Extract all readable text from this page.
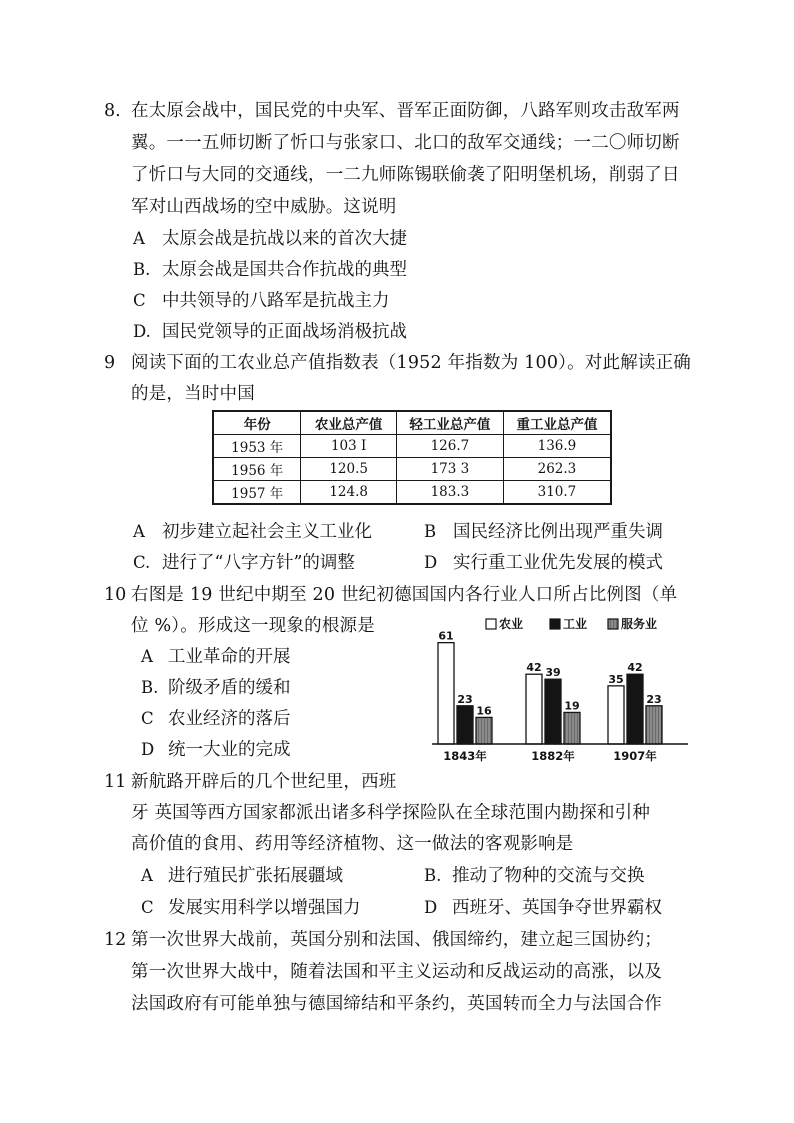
8. 在太原会战中，国民党的中央军、晋军正面防御，八路军则攻击敌军两
翼。一一五师切断了忻口与张家口、北口的敌军交通线；一二〇师切断
了忻口与大同的交通线，一二九师陈锡联偷袭了阳明堡机场，削弱了日
军对山西战场的空中威胁。这说明
A 太原会战是抗战以来的首次大捷
B. 太原会战是国共合作抗战的典型
C 中共领导的八路军是抗战主力
D. 国民党领导的正面战场消极抗战
9 阅读下面的工农业总产值指数表（1952 年指数为 100）。对此解读正确
的是，当时中国
年份	农业总产值	轻工业总产值	重工业总产值
1953 年	103 I	126.7	136.9
1956 年	120.5	173 3	262.3
1957 年	124.8	183.3	310.7
A 初步建立起社会主义工业化	B 国民经济比例出现严重失调
C. 进行了“八字方针”的调整	D 实行重工业优先发展的模式
10 右图是 19 世纪中期至 20 世纪初德国国内各行业人口所占比例图（单
位 %）。形成这一现象的根源是
A 工业革命的开展
B. 阶级矛盾的缓和
C 农业经济的落后
D 统一大业的完成
61
23
16
1843年
42 39
19
1882年
35
42
23
1907年
农业	工业	服务业
11 新航路开辟后的几个世纪里，西班
牙 英国等西方国家都派出诸多科学探险队在全球范围内勘探和引种
高价值的食用、药用等经济植物、这一做法的客观影响是
A 进行殖民扩张拓展疆域	B. 推动了物种的交流与交换
C 发展实用科学以增强国力	D 西班牙、英国争夺世界霸权
12 第一次世界大战前，英国分别和法国、俄国缔约，建立起三国协约；
第一次世界大战中，随着法国和平主义运动和反战运动的高涨，以及
法国政府有可能单独与德国缔结和平条约，英国转而全力与法国合作
